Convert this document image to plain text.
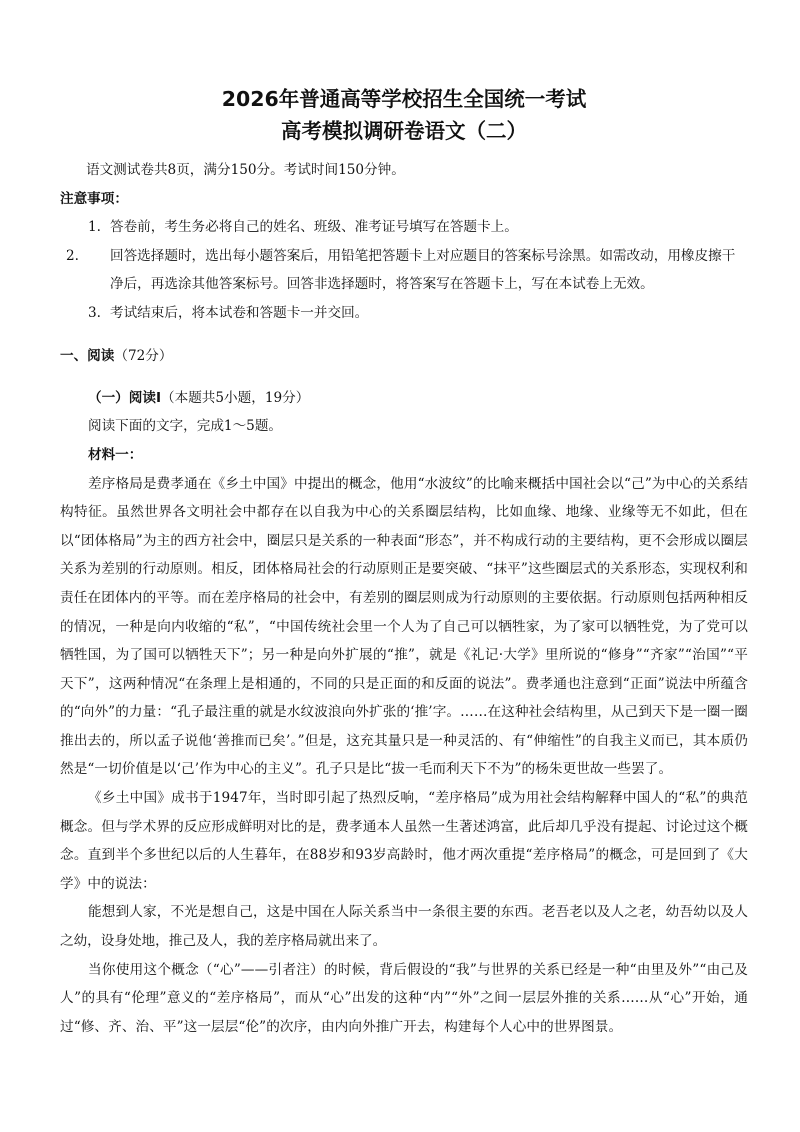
2026年普通高等学校招生全国统一考试
高考模拟调研卷语文（二）

语文测试卷共8页，满分150分。考试时间150分钟。

注意事项：

1. 答卷前，考生务必将自己的姓名、班级、准考证号填写在答题卡上。

2. 回答选择题时，选出每小题答案后，用铅笔把答题卡上对应题目的答案标号涂黑。如需改动，用橡皮擦干净后，再选涂其他答案标号。回答非选择题时，将答案写在答题卡上，写在本试卷上无效。

3. 考试结束后，将本试卷和答题卡一并交回。

一、阅读（72分）

（一）阅读Ⅰ（本题共5小题，19分）

阅读下面的文字，完成1～5题。

材料一：

差序格局是费孝通在《乡土中国》中提出的概念，他用“水波纹”的比喻来概括中国社会以“己”为中心的关系结构特征。虽然世界各文明社会中都存在以自我为中心的关系圈层结构，比如血缘、地缘、业缘等无不如此，但在以“团体格局”为主的西方社会中，圈层只是关系的一种表面“形态”，并不构成行动的主要结构，更不会形成以圈层关系为差别的行动原则。相反，团体格局社会的行动原则正是要突破、“抹平”这些圈层式的关系形态，实现权利和责任在团体内的平等。而在差序格局的社会中，有差别的圈层则成为行动原则的主要依据。行动原则包括两种相反的情况，一种是向内收缩的“私”，“中国传统社会里一个人为了自己可以牺牲家，为了家可以牺牲党，为了党可以牺牲国，为了国可以牺牲天下”；另一种是向外扩展的“推”，就是《礼记·大学》里所说的“修身”“齐家”“治国”“平天下”，这两种情况“在条理上是相通的，不同的只是正面的和反面的说法”。费孝通也注意到“正面”说法中所蕴含的“向外”的力量：“孔子最注重的就是水纹波浪向外扩张的‘推’字。……在这种社会结构里，从己到天下是一圈一圈推出去的，所以孟子说他‘善推而已矣’。”但是，这充其量只是一种灵活的、有“伸缩性”的自我主义而已，其本质仍然是“一切价值是以‘己’作为中心的主义”。孔子只是比“拔一毛而利天下不为”的杨朱更世故一些罢了。

《乡土中国》成书于1947年，当时即引起了热烈反响，“差序格局”成为用社会结构解释中国人的“私”的典范概念。但与学术界的反应形成鲜明对比的是，费孝通本人虽然一生著述鸿富，此后却几乎没有提起、讨论过这个概念。直到半个多世纪以后的人生暮年，在88岁和93岁高龄时，他才两次重提“差序格局”的概念，可是回到了《大学》中的说法：

能想到人家，不光是想自己，这是中国在人际关系当中一条很主要的东西。老吾老以及人之老，幼吾幼以及人之幼，设身处地，推己及人，我的差序格局就出来了。

当你使用这个概念（“心”——引者注）的时候，背后假设的“我”与世界的关系已经是一种“由里及外”“由己及人”的具有“伦理”意义的“差序格局”，而从“心”出发的这种“内”“外”之间一层层外推的关系……从“心”开始，通过“修、齐、治、平”这一层层“伦”的次序，由内向外推广开去，构建每个人心中的世界图景。
